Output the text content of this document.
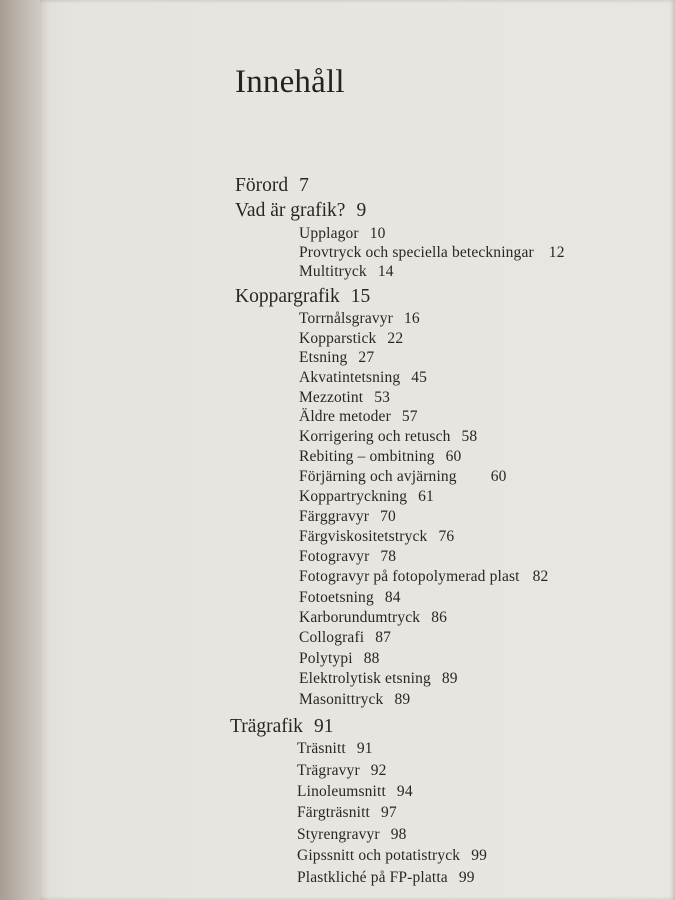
Innehåll
Förord 7
Vad är grafik? 9
Upplagor 10
Provtryck och speciella beteckningar 12
Multitryck 14
Koppargrafik 15
Torrnålsgravyr 16
Kopparstick 22
Etsning 27
Akvatintetsning 45
Mezzotint 53
Äldre metoder 57
Korrigering och retusch 58
Rebiting – ombitning 60
Förjärning och avjärning 60
Koppartryckning 61
Färggravyr 70
Färgviskositetstryck 76
Fotogravyr 78
Fotogravyr på fotopolymerad plast 82
Fotoetsning 84
Karborundumtryck 86
Collografi 87
Polytypi 88
Elektrolytisk etsning 89
Masonittryck 89
Trägrafik 91
Träsnitt 91
Trägravyr 92
Linoleumsnitt 94
Färgträsnitt 97
Styrengravyr 98
Gipssnitt och potatistryck 99
Plastkliché på FP-platta 99
